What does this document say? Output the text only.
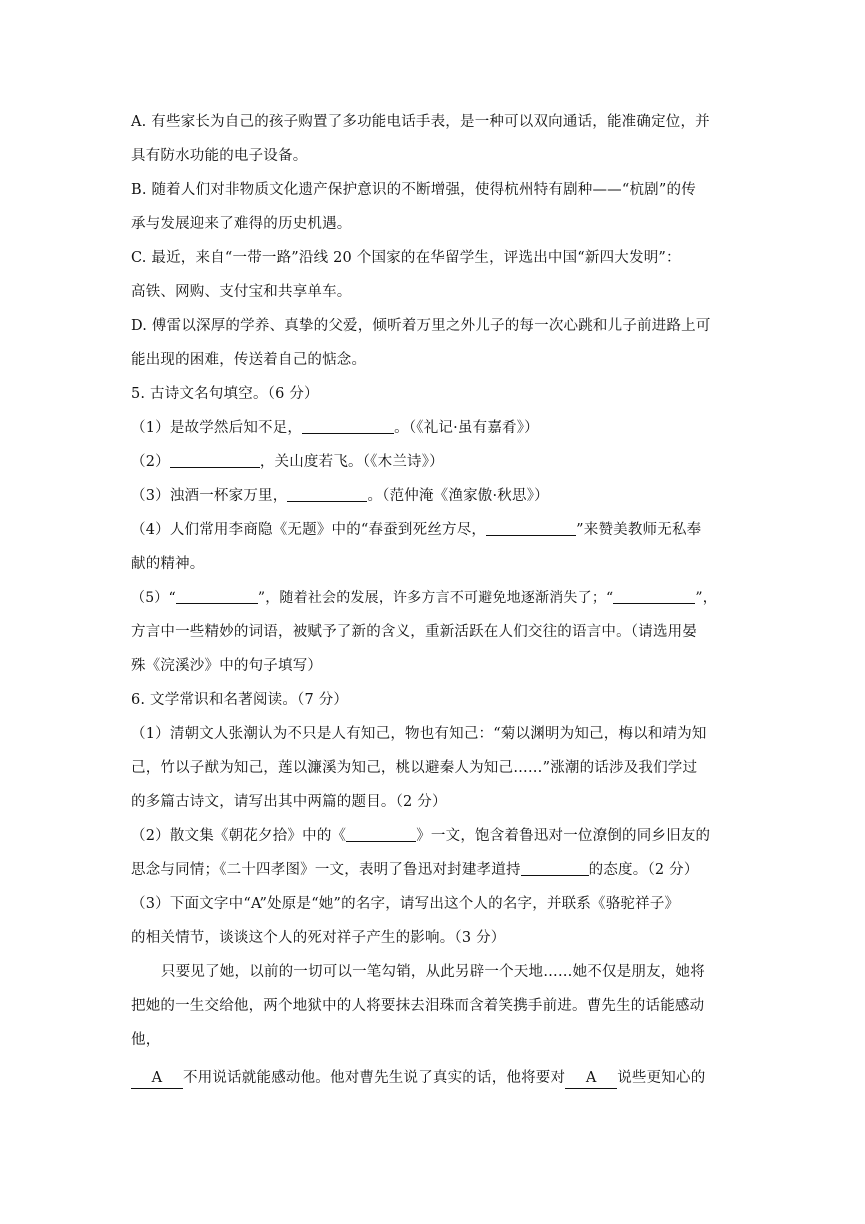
A. 有些家长为自己的孩子购置了多功能电话手表，是一种可以双向通话，能准确定位，并
具有防水功能的电子设备。
B. 随着人们对非物质文化遗产保护意识的不断增强，使得杭州特有剧种——“杭剧”的传
承与发展迎来了难得的历史机遇。
C. 最近，来自“一带一路”沿线 20 个国家的在华留学生，评选出中国“新四大发明”：
高铁、网购、支付宝和共享单车。
D. 傅雷以深厚的学养、真挚的父爱，倾听着万里之外儿子的每一次心跳和儿子前进路上可
能出现的困难，传送着自己的惦念。
5. 古诗文名句填空。（6 分）
（1）是故学然后知不足，	。（《礼记·虽有嘉肴》）
（2）	，关山度若飞。（《木兰诗》）
（3）浊酒一杯家万里，	。（范仲淹《渔家傲·秋思》）
（4）人们常用李商隐《无题》中的“春蚕到死丝方尽，	”来赞美教师无私奉
献的精神。
（5）“	”，随着社会的发展，许多方言不可避免地逐渐消失了；“	”，
方言中一些精妙的词语，被赋予了新的含义，重新活跃在人们交往的语言中。（请选用晏
殊《浣溪沙》中的句子填写）
6. 文学常识和名著阅读。（7 分）
（1）清朝文人张潮认为不只是人有知己，物也有知己：“菊以渊明为知己，梅以和靖为知
己，竹以子猷为知己，莲以濂溪为知己，桃以避秦人为知己……”涨潮的话涉及我们学过
的多篇古诗文，请写出其中两篇的题目。（2 分）
（2）散文集《朝花夕拾》中的《	》一文，饱含着鲁迅对一位潦倒的同乡旧友的
思念与同情；《二十四孝图》一文，表明了鲁迅对封建孝道持	的态度。（2 分）
（3）下面文字中“A”处原是“她”的名字，请写出这个人的名字，并联系《骆驼祥子》
的相关情节，谈谈这个人的死对祥子产生的影响。（3 分）
只要见了她，以前的一切可以一笔勾销，从此另辟一个天地……她不仅是朋友，她将
把她的一生交给他，两个地狱中的人将要抹去泪珠而含着笑携手前进。曹先生的话能感动
他，
A 不用说话就能感动他。他对曹先生说了真实的话，他将要对 A 说些更知心的
